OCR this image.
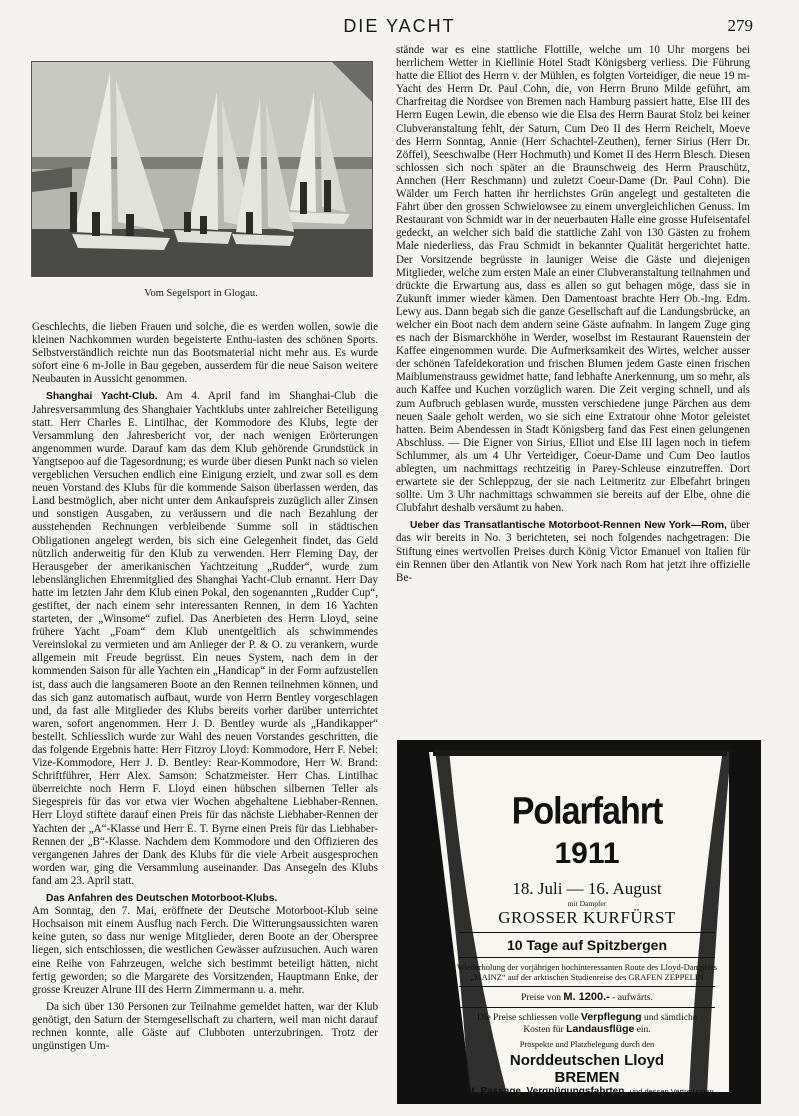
DIE YACHT	279
Vom Segelsport in Glogau.

Geschlechts, die lieben Frauen und solche, die es werden wollen, sowie die kleinen Nachkommen wurden begeisterte Enthu-iasten des schönen Sports. Selbstverständlich reichte nun das Bootsmaterial nicht mehr aus. Es wurde sofort eine 6 m-Jolle in Bau gegeben, ausserdem für die neue Saison weitere Neubauten in Aussicht genommen.

Shanghai Yacht-Club. Am 4. April fand im Shanghai-Club die Jahresversammlung des Shanghaier Yachtklubs unter zahlreicher Beteiligung statt. Herr Charles E. Lintilhac, der Kommodore des Klubs, legte der Versammlung den Jahresbericht vor, der nach wenigen Erörterungen angenommen wurde. Darauf kam das dem Klub gehörende Grundstück in Yangtsepoo auf die Tagesordnung; es wurde über diesen Punkt nach so vielen vergeblichen Versuchen endlich eine Einigung erzielt, und zwar soll es dem neuen Vorstand des Klubs für die kommende Saison überlassen werden, das Land bestmöglich, aber nicht unter dem Ankaufspreis zuzüglich aller Zinsen und sonstigen Ausgaben, zu veräussern und die nach Bezahlung der ausstehenden Rechnungen verbleibende Summe soll in städtischen Obligationen angelegt werden, bis sich eine Gelegenheit findet, das Geld nützlich anderweitig für den Klub zu verwenden. Herr Fleming Day, der Herausgeber der amerikanischen Yachtzeitung „Rudder“, wurde zum lebenslänglichen Ehrenmitglied des Shanghai Yacht-Club ernannt. Herr Day hatte im letzten Jahr dem Klub einen Pokal, den sogenannten „Rudder Cup“, gestiftet, der nach einem sehr interessanten Rennen, in dem 16 Yachten starteten, der „Winsome“ zufiel. Das Anerbieten des Herrn Lloyd, seine frühere Yacht „Foam“ dem Klub unentgeltlich als schwimmendes Vereinslokal zu vermieten und am Anlieger der P. & O. zu verankern, wurde allgemein mit Freude begrüsst. Ein neues System, nach dem in der kommenden Saison für alle Yachten ein „Handicap“ in der Form aufzustellen ist, dass auch die langsameren Boote an den Rennen teilnehmen können, und das sich ganz automatisch aufbaut, wurde von Herrn Bentley vorgeschlagen und, da fast alle Mitglieder des Klubs bereits vorher darüber unterrichtet waren, sofort angenommen. Herr J. D. Bentley wurde als „Handikapper“ bestellt. Schliesslich wurde zur Wahl des neuen Vorstandes geschritten, die das folgende Ergebnis hatte: Herr Fitzroy Lloyd: Kommodore, Herr F. Nebel: Vize-Kommodore, Herr J. D. Bentley: Rear-Kommodore, Herr W. Brand: Schriftführer, Herr Alex. Samson: Schatzmeister. Herr Chas. Lintilhac überreichte noch Herrn F. Lloyd einen hübschen silbernen Teller als Siegespreis für das vor etwa vier Wochen abgehaltene Liebhaber-Rennen. Herr Lloyd stiftete darauf einen Preis für das nächste Liebhaber-Rennen der Yachten der „A“-Klasse und Herr E. T. Byrne einen Preis für das Liebhaber-Rennen der „B“-Klasse. Nachdem dem Kommodore und den Offizieren des vergangenen Jahres der Dank des Klubs für die viele Arbeit ausgesprochen worden war, ging die Versammlung auseinander. Das Ansegeln des Klubs fand am 23. April statt.

Das Anfahren des Deutschen Motorboot-Klubs.
Am Sonntag, den 7. Mai, eröffnete der Deutsche Motorboot-Klub seine Hochsaison mit einem Ausflug nach Ferch. Die Witterungsaussichten waren keine guten, so dass nur wenige Mitglieder, deren Boote an der Oberspree liegen, sich entschlossen, die westlichen Gewässer aufzusuchen. Auch waren eine Reihe von Fahrzeugen, welche sich bestimmt beteiligt hätten, nicht fertig geworden; so die Margarete des Vorsitzenden, Hauptmann Enke, der grosse Kreuzer Alrune III des Herrn Zimmermann u. a. mehr.

Da sich über 130 Personen zur Teilnahme gemeldet hatten, war der Klub genötigt, den Saturn der Sterngesellschaft zu chartern, weil man nicht darauf rechnen konnte, alle Gäste auf Clubboten unterzubringen. Trotz der ungünstigen Um-

stände war es eine stattliche Flottille, welche um 10 Uhr morgens bei herrlichem Wetter in Kiellinie Hotel Stadt Königsberg verliess. Die Führung hatte die Elliot des Herrn v. der Mühlen, es folgten Vorteidiger, die neue 19 m-Yacht des Herrn Dr. Paul Cohn, die, von Herrn Bruno Milde geführt, am Charfreitag die Nordsee von Bremen nach Hamburg passiert hatte, Else III des Herrn Eugen Lewin, die ebenso wie die Elsa des Herrn Baurat Stolz bei keiner Clubveranstaltung fehlt, der Saturn, Cum Deo II des Herrn Reichelt, Moeve des Herrn Sonntag, Annie (Herr Schachtel-Zeuthen), ferner Sirius (Herr Dr. Zöffel), Seeschwalbe (Herr Hochmuth) und Komet II des Herrn Blesch. Diesen schlossen sich noch später an die Braunschweig des Herrn Prauschütz, Annchen (Herr Reschmann) und zuletzt Coeur-Dame (Dr. Paul Cohn). Die Wälder um Ferch hatten ihr herrlichstes Grün angelegt und gestalteten die Fahrt über den grossen Schwielowsee zu einem unvergleichlichen Genuss. Im Restaurant von Schmidt war in der neuerbauten Halle eine grosse Hufeisentafel gedeckt, an welcher sich bald die stattliche Zahl von 130 Gästen zu frohem Male niederliess, das Frau Schmidt in bekannter Qualität hergerichtet hatte. Der Vorsitzende begrüsste in launiger Weise die Gäste und diejenigen Mitglieder, welche zum ersten Male an einer Clubveranstaltung teilnahmen und drückte die Erwartung aus, dass es allen so gut behagen möge, dass sie in Zukunft immer wieder kämen. Den Damentoast brachte Herr Ob.-Ing. Edm. Lewy aus. Dann begab sich die ganze Gesellschaft auf die Landungsbrücke, an welcher ein Boot nach dem andern seine Gäste aufnahm. In langem Zuge ging es nach der Bismarckhöhe in Werder, woselbst im Restaurant Rauenstein der Kaffee eingenommen wurde. Die Aufmerksamkeit des Wirtes, welcher ausser der schönen Tafeldekoration und frischen Blumen jedem Gaste einen frischen Maiblumenstrauss gewidmet hatte, fand lebhafte Anerkennung, um so mehr, als auch Kaffee und Kuchen vorzüglich waren. Die Zeit verging schnell, und als zum Aufbruch geblasen wurde, mussten verschiedene junge Pärchen aus dem neuen Saale geholt werden, wo sie sich eine Extratour ohne Motor geleistet hatten. Beim Abendessen in Stadt Königsberg fand das Fest einen gelungenen Abschluss. — Die Eigner von Sirius, Elliot und Else III lagen noch in tiefem Schlummer, als um 4 Uhr Verteidiger, Coeur-Dame und Cum Deo lautlos ablegten, um nachmittags rechtzeitig in Parey-Schleuse einzutreffen. Dort erwartete sie der Schleppzug, der sie nach Leitmeritz zur Elbefahrt bringen sollte. Um 3 Uhr nachmittags schwammen sie bereits auf der Elbe, ohne die Clubfahrt deshalb versäumt zu haben.

Ueber das Transatlantische Motorboot-Rennen New York—Rom, über das wir bereits in No. 3 berichteten, sei noch folgendes nachgetragen: Die Stiftung eines wertvollen Preises durch König Victor Emanuel von Italien für ein Rennen über den Atlantik von New York nach Rom hat jetzt ihre offizielle Be-

Polarfahrt
1911
18. Juli — 16. August
mit Dampfer
GROSSER KURFÜRST
10 Tage auf Spitzbergen
Wiederholung der vorjährigen hochinteressanten Route des Lloyd-Dampfers „MAINZ“ auf der arktischen Studienreise des GRAFEN ZEPPELIN
Preise von M. 1200.- - aufwärts.
Die Preise schliessen volle Verpflegung und sämtliche Kosten für Landausflüge ein.
Prospekte und Platzbelegung durch den
Norddeutschen Lloyd
BREMEN
Abt. Passage, Vergnügungsfahrten, und dessen Vertretungen.
